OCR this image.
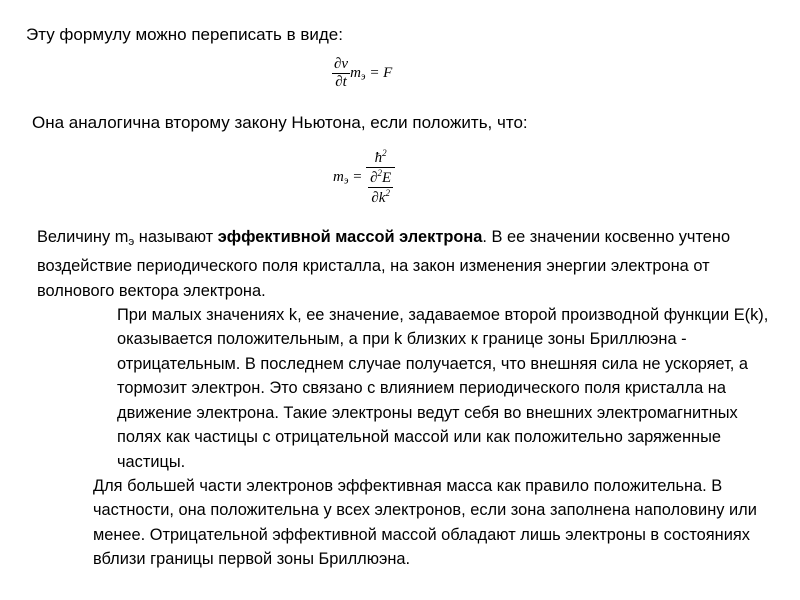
Эту формулу можно переписать в виде:
$\frac{\partial v}{\partial t} m_э = F$
Она аналогична второму закону Ньютона, если положить, что:
$m_э = \frac{ħ^2}{\frac{\partial^2E}{\partial k^2}}$

Величину $m_э$ называют эффективной массой электрона. В ее значении косвенно учтено воздействие периодического поля кристалла, на закон изменения энергии электрона от волнового вектора электрона.

При малых значениях k, ее значение, задаваемое второй производной функции E(k), оказывается положительным, а при k близких к границе зоны Бриллюэна - отрицательным. В последнем случае получается, что внешняя сила не ускоряет, а тормозит электрон. Это связано с влиянием периодического поля кристалла на движение электрона. Такие электроны ведут себя во внешних электромагнитных полях как частицы с отрицательной массой или как положительно заряженные частицы.

Для большей части электронов эффективная масса как правило положительна. В частности, она положительна у всех электронов, если зона заполнена наполовину или менее. Отрицательной эффективной массой обладают лишь электроны в состояниях вблизи границы первой зоны Бриллюэна.
